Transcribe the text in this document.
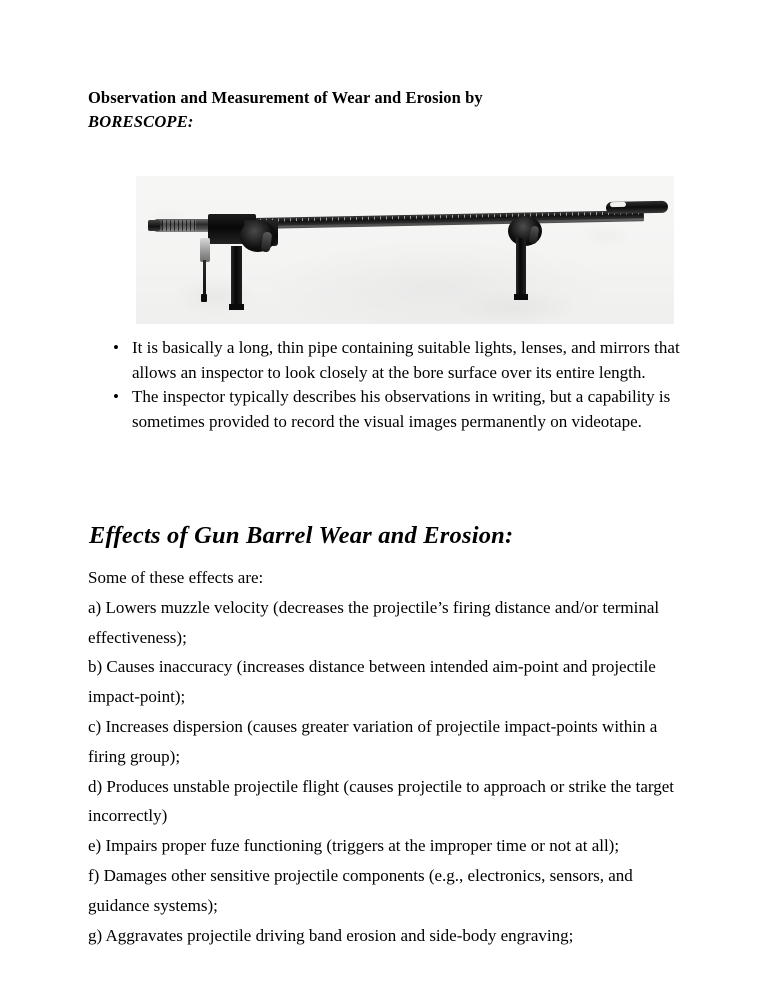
Observation and Measurement of Wear and Erosion by
BORESCOPE:
• It is basically a long, thin pipe containing suitable lights, lenses, and mirrors that allows an inspector to look closely at the bore surface over its entire length.
• The inspector typically describes his observations in writing, but a capability is sometimes provided to record the visual images permanently on videotape.
Effects of Gun Barrel Wear and Erosion:

Some of these effects are:

a) Lowers muzzle velocity (decreases the projectile’s firing distance and/or terminal effectiveness);

b) Causes inaccuracy (increases distance between intended aim-point and projectile impact-point);

c) Increases dispersion (causes greater variation of projectile impact-points within a firing group);

d) Produces unstable projectile flight (causes projectile to approach or strike the target incorrectly)

e) Impairs proper fuze functioning (triggers at the improper time or not at all);

f) Damages other sensitive projectile components (e.g., electronics, sensors, and guidance systems);

g) Aggravates projectile driving band erosion and side-body engraving;
